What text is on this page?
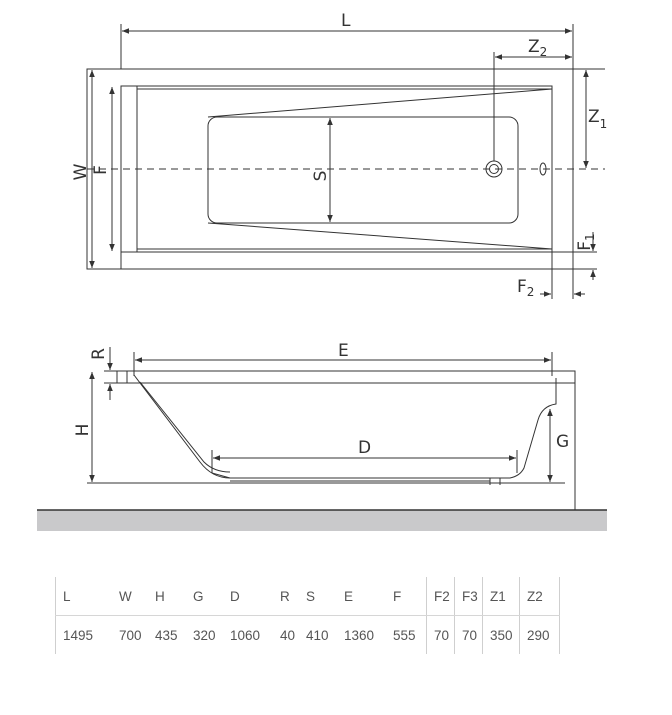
L
$Z_2$
$Z_1$
W F
S
$F_1$
$F_2$
R	E
H
D	G
L	W	H	G	D	R	S	E	F	F2	F3	Z1	Z2
1495	700	435	320	1060	40	410	1360	555	70	70	350	290
